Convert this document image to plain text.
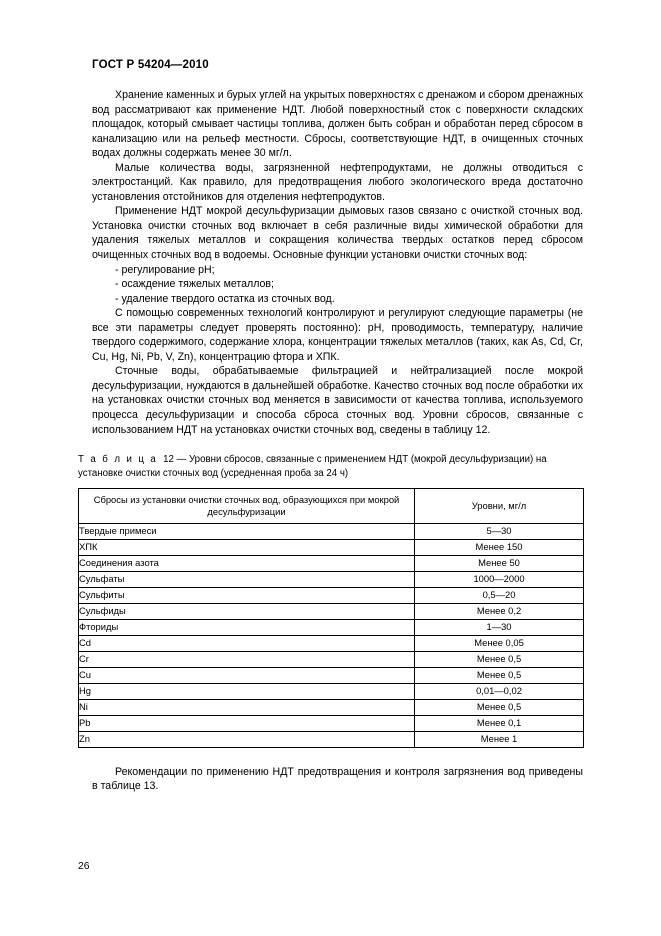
ГОСТ Р 54204—2010

Хранение каменных и бурых углей на укрытых поверхностях с дренажом и сбором дренажных вод рассматривают как применение НДТ. Любой поверхностный сток с поверхности складских площадок, который смывает частицы топлива, должен быть собран и обработан перед сбросом в канализацию или на рельеф местности. Сбросы, соответствующие НДТ, в очищенных сточных водах должны содержать менее 30 мг/л.

Малые количества воды, загрязненной нефтепродуктами, не должны отводиться с электростанций. Как правило, для предотвращения любого экологического вреда достаточно установления отстойников для отделения нефтепродуктов.

Применение НДТ мокрой десульфуризации дымовых газов связано с очисткой сточных вод. Установка очистки сточных вод включает в себя различные виды химической обработки для удаления тяжелых металлов и сокращения количества твердых остатков перед сбросом очищенных сточных вод в водоемы. Основные функции установки очистки сточных вод:

- регулирование pH;

- осаждение тяжелых металлов;

- удаление твердого остатка из сточных вод.

С помощью современных технологий контролируют и регулируют следующие параметры (не все эти параметры следует проверять постоянно): pH, проводимость, температуру, наличие твердого содержимого, содержание хлора, концентрации тяжелых металлов (таких, как As, Cd, Cr, Cu, Hg, Ni, Pb, V, Zn), концентрацию фтора и ХПК.

Сточные воды, обрабатываемые фильтрацией и нейтрализацией после мокрой десульфуризации, нуждаются в дальнейшей обработке. Качество сточных вод после обработки их на установках очистки сточных вод меняется в зависимости от качества топлива, используемого процесса десульфуризации и способа сброса сточных вод. Уровни сбросов, связанные с использованием НДТ на установках очистки сточных вод, сведены в таблицу 12.

Т а б л и ц а 12 — Уровни сбросов, связанные с применением НДТ (мокрой десульфуризации) на установке очистки сточных вод (усредненная проба за 24 ч)
Сбросы из установки очистки сточных вод, образующихся при мокрой десульфуризации	Уровни, мг/л
Твердые примеси	5—30
ХПК	Менее 150
Соединения азота	Менее 50
Сульфаты	1000—2000
Сульфиты	0,5—20
Сульфиды	Менее 0,2
Фториды	1—30
Cd	Менее 0,05
Cr	Менее 0,5
Cu	Менее 0,5
Hg	0,01—0,02
Ni	Менее 0,5
Pb	Менее 0,1
Zn	Менее 1

Рекомендации по применению НДТ предотвращения и контроля загрязнения вод приведены в таблице 13.

26
